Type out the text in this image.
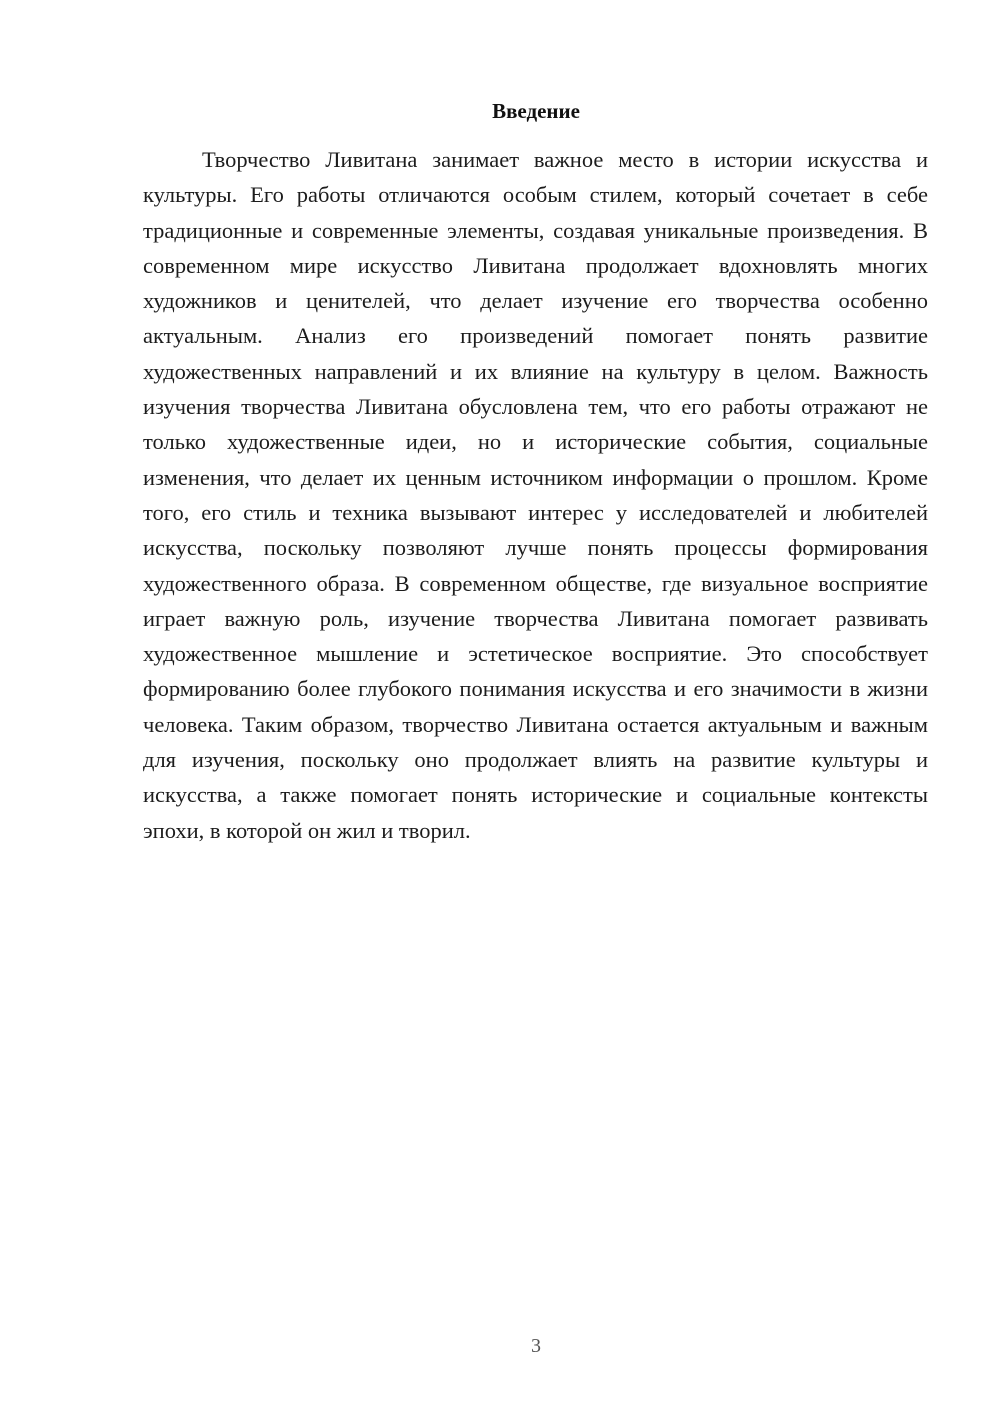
Введение

Творчество Ливитана занимает важное место в истории искусства и культуры. Его работы отличаются особым стилем, который сочетает в себе традиционные и современные элементы, создавая уникальные произведения. В современном мире искусство Ливитана продолжает вдохновлять многих художников и ценителей, что делает изучение его творчества особенно актуальным. Анализ его произведений помогает понять развитие художественных направлений и их влияние на культуру в целом. Важность изучения творчества Ливитана обусловлена тем, что его работы отражают не только художественные идеи, но и исторические события, социальные изменения, что делает их ценным источником информации о прошлом. Кроме того, его стиль и техника вызывают интерес у исследователей и любителей искусства, поскольку позволяют лучше понять процессы формирования художественного образа. В современном обществе, где визуальное восприятие играет важную роль, изучение творчества Ливитана помогает развивать художественное мышление и эстетическое восприятие. Это способствует формированию более глубокого понимания искусства и его значимости в жизни человека. Таким образом, творчество Ливитана остается актуальным и важным для изучения, поскольку оно продолжает влиять на развитие культуры и искусства, а также помогает понять исторические и социальные контексты эпохи, в которой он жил и творил.

3
